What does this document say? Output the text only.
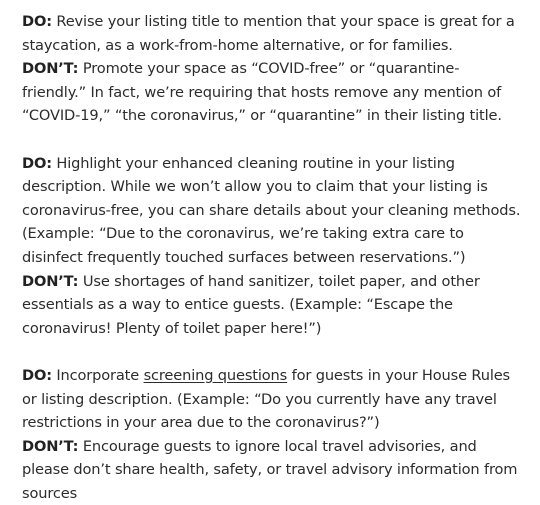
DO: Revise your listing title to mention that your space is great for a staycation, as a work-from-home alternative, or for families.

DON’T: Promote your space as “COVID-free” or “quarantine-friendly.” In fact, we’re requiring that hosts remove any mention of “COVID-19,” “the coronavirus,” or “quarantine” in their listing title.

DO: Highlight your enhanced cleaning routine in your listing description. While we won’t allow you to claim that your listing is coronavirus-free, you can share details about your cleaning methods. (Example: “Due to the coronavirus, we’re taking extra care to disinfect frequently touched surfaces between reservations.”)

DON’T: Use shortages of hand sanitizer, toilet paper, and other essentials as a way to entice guests. (Example: “Escape the coronavirus! Plenty of toilet paper here!”)

DO: Incorporate screening questions for guests in your House Rules or listing description. (Example: “Do you currently have any travel restrictions in your area due to the coronavirus?”)

DON’T: Encourage guests to ignore local travel advisories, and please don’t share health, safety, or travel advisory information from sources
